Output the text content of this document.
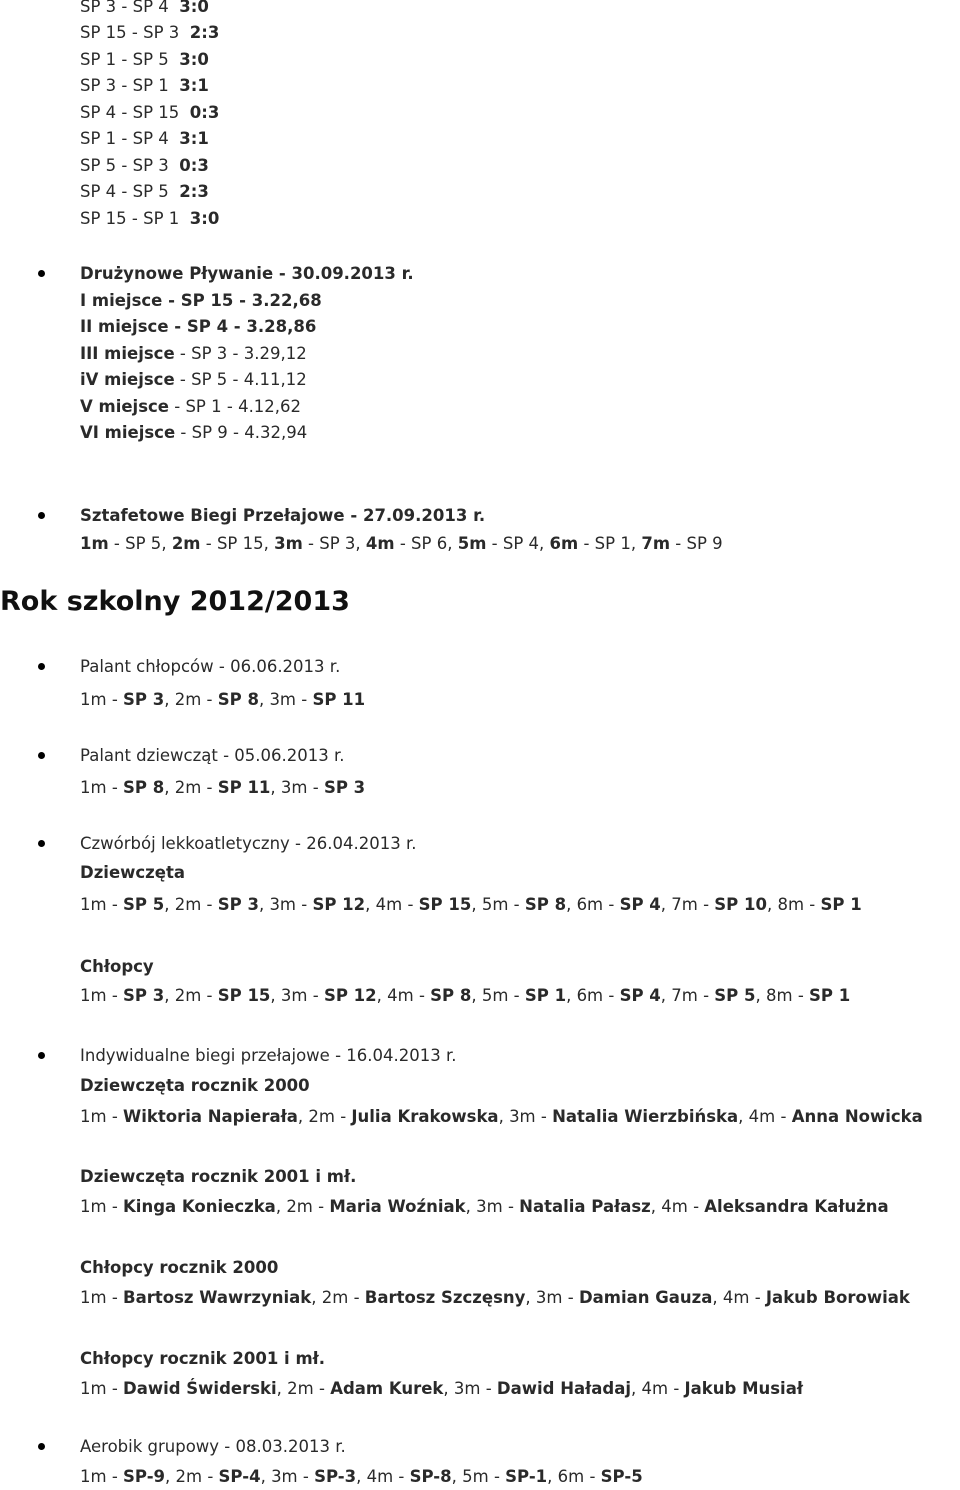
SP 3 - SP 4 3:0
SP 15 - SP 3 2:3
SP 1 - SP 5 3:0
SP 3 - SP 1 3:1
SP 4 - SP 15 0:3
SP 1 - SP 4 3:1
SP 5 - SP 3 0:3
SP 4 - SP 5 2:3
SP 15 - SP 1 3:0
Drużynowe Pływanie - 30.09.2013 r.
I miejsce - SP 15 - 3.22,68
II miejsce - SP 4 - 3.28,86
III miejsce - SP 3 - 3.29,12
iV miejsce - SP 5 - 4.11,12
V miejsce - SP 1 - 4.12,62
VI miejsce - SP 9 - 4.32,94
Sztafetowe Biegi Przełajowe - 27.09.2013 r.
1m - SP 5, 2m - SP 15, 3m - SP 3, 4m - SP 6, 5m - SP 4, 6m - SP 1, 7m - SP 9
Rok szkolny 2012/2013
Palant chłopców - 06.06.2013 r.
1m - SP 3, 2m - SP 8, 3m - SP 11
Palant dziewcząt - 05.06.2013 r.
1m - SP 8, 2m - SP 11, 3m - SP 3
Czwórbój lekkoatletyczny - 26.04.2013 r.
Dziewczęta
1m - SP 5, 2m - SP 3, 3m - SP 12, 4m - SP 15, 5m - SP 8, 6m - SP 4, 7m - SP 10, 8m - SP 1
Chłopcy
1m - SP 3, 2m - SP 15, 3m - SP 12, 4m - SP 8, 5m - SP 1, 6m - SP 4, 7m - SP 5, 8m - SP 1
Indywidualne biegi przełajowe - 16.04.2013 r.
Dziewczęta rocznik 2000
1m - Wiktoria Napierała, 2m - Julia Krakowska, 3m - Natalia Wierzbińska, 4m - Anna Nowicka
Dziewczęta rocznik 2001 i mł.
1m - Kinga Konieczka, 2m - Maria Woźniak, 3m - Natalia Pałasz, 4m - Aleksandra Kałużna
Chłopcy rocznik 2000
1m - Bartosz Wawrzyniak, 2m - Bartosz Szczęsny, 3m - Damian Gauza, 4m - Jakub Borowiak
Chłopcy rocznik 2001 i mł.
1m - Dawid Świderski, 2m - Adam Kurek, 3m - Dawid Haładaj, 4m - Jakub Musiał
Aerobik grupowy - 08.03.2013 r.
1m - SP-9, 2m - SP-4, 3m - SP-3, 4m - SP-8, 5m - SP-1, 6m - SP-5
